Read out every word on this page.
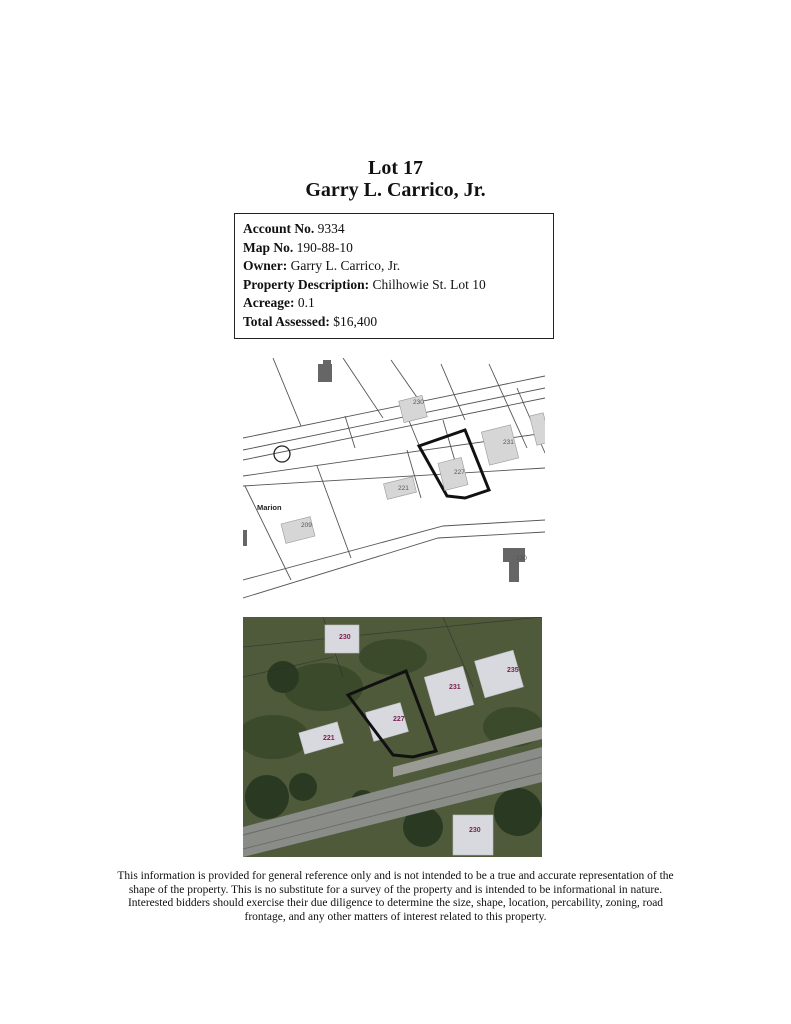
Lot 17
Garry L. Carrico, Jr.
Account No. 9334
Map No. 190-88-10
Owner: Garry L. Carrico, Jr.
Property Description: Chilhowie St. Lot 10
Acreage: 0.1
Total Assessed: $16,400
230
227
231
221
209
230
Marion
230
235
231
227
221
230
This information is provided for general reference only and is not intended to be a true and accurate representation of the shape of the property. This is no substitute for a survey of the property and is intended to be informational in nature. Interested bidders should exercise their due diligence to determine the size, shape, location, percability, zoning, road frontage, and any other matters of interest related to this property.
